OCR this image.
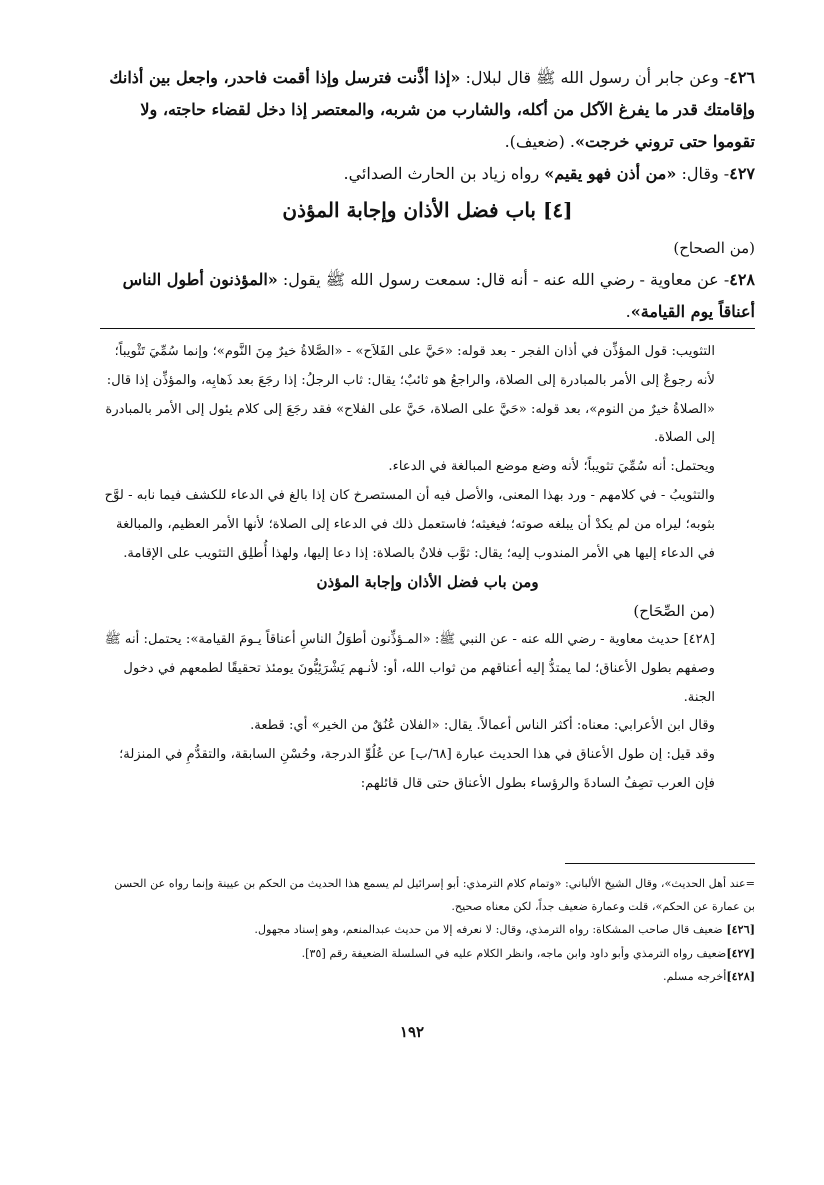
٤٢٦- وعن جابر أن رسول الله ﷺ قال لبلال: «إذا أذَّنت فترسل وإذا أقمت فاحدر، واجعل بين أذانك وإقامتك قدر ما يفرغ الآكل من أكله، والشارب من شربه، والمعتصر إذا دخل لقضاء حاجته، ولا تقوموا حتى تروني خرجت». (ضعيف).

٤٢٧- وقال: «من أذن فهو يقيم» رواه زياد بن الحارث الصدائي.

[٤] باب فضل الأذان وإجابة المؤذن

(من الصحاح)

٤٢٨- عن معاوية - رضي الله عنه - أنه قال: سمعت رسول الله ﷺ يقول: «المؤذنون أطول الناس أعناقاً يوم القيامة».

التثويب: قول المؤذِّن في أذان الفجر - بعد قوله: «حَيَّ على الفَلاَح» - «الصَّلاةُ خيرٌ مِنَ النَّوم»؛ وإنما سُمِّيَ تَثْويباً؛ لأنه رجوعٌ إلى الأمر بالمبادرة إلى الصلاة، والراجعُ هو ثائبٌ؛ يقال: ثاب الرجلُ: إذا رجَعَ بعد ذَهابِه، والمؤذِّن إذا قال: «الصلاةُ خيرٌ من النوم»، بعد قوله: «حَيَّ على الصلاة، حَيَّ على الفلاح» فقد رجَعَ إلى كلام يئول إلى الأمر بالمبادرة إلى الصلاة.

ويحتمل: أنه سُمِّيَ تثويباً؛ لأنه وضع موضع المبالغة في الدعاء.

والتثويبُ - في كلامهم - ورد بهذا المعنى، والأصل فيه أن المستصرخ كان إذا بالغ في الدعاء للكشف فيما نابه - لوَّح بثوبه؛ ليراه من لم يكدْ أن يبلغه صوته؛ فيغيثه؛ فاستعمل ذلك في الدعاء إلى الصلاة؛ لأنها الأمر العظيم، والمبالغة في الدعاء إليها هي الأمر المندوب إليه؛ يقال: ثوَّب فلانٌ بالصلاة: إذا دعا إليها، ولهذا أُطلِق التثويب على الإقامة.

ومن باب فضل الأذان وإجابة المؤذن

(من الصِّحَاح)

[٤٢٨] حديث معاوية - رضي الله عنه - عن النبي ﷺ: «المـؤذِّنون أطوَلُ الناسِ أعناقاً يـومَ القيامة»: يحتمل: أنه ﷺ وصفهم بطول الأعناق؛ لما يمتدُّ إليه أعناقهم من ثواب الله، أو: لأنـهم يَشْرَئِبُّونَ يومئذ تحقيقًا لطمعهم في دخول الجنة.

وقال ابن الأعرابي: معناه: أكثر الناس أعمالاً. يقال: «الفلان عُنُقٌ من الخير» أي: قطعة.

وقد قيل: إن طول الأعناق في هذا الحديث عبارة [٦٨/ب] عن عُلُوِّ الدرجة، وحُسْنِ السابقة، والتقدُّمِ في المنزلة؛ فإن العرب تصِفُ السادةَ والرؤساء بطول الأعناق حتى قال قائلهم:

=عند أهل الحديث»، وقال الشيخ الألباني: «وتمام كلام الترمذي: أبو إسرائيل لم يسمع هذا الحديث من الحكم بن عيينة وإنما رواه عن الحسن بن عمارة عن الحكم»، قلت وعمارة ضعيف جداً، لكن معناه صحيح.

[٤٢٦] ضعيف قال صاحب المشكاة: رواه الترمذي، وقال: لا نعرفه إلا من حديث عبدالمنعم، وهو إسناد مجهول.

[٤٢٧]ضعيف رواه الترمذي وأبو داود وابن ماجه، وانظر الكلام عليه في السلسلة الضعيفة رقم [٣٥].

[٤٢٨]أخرجه مسلم.

١٩٢
